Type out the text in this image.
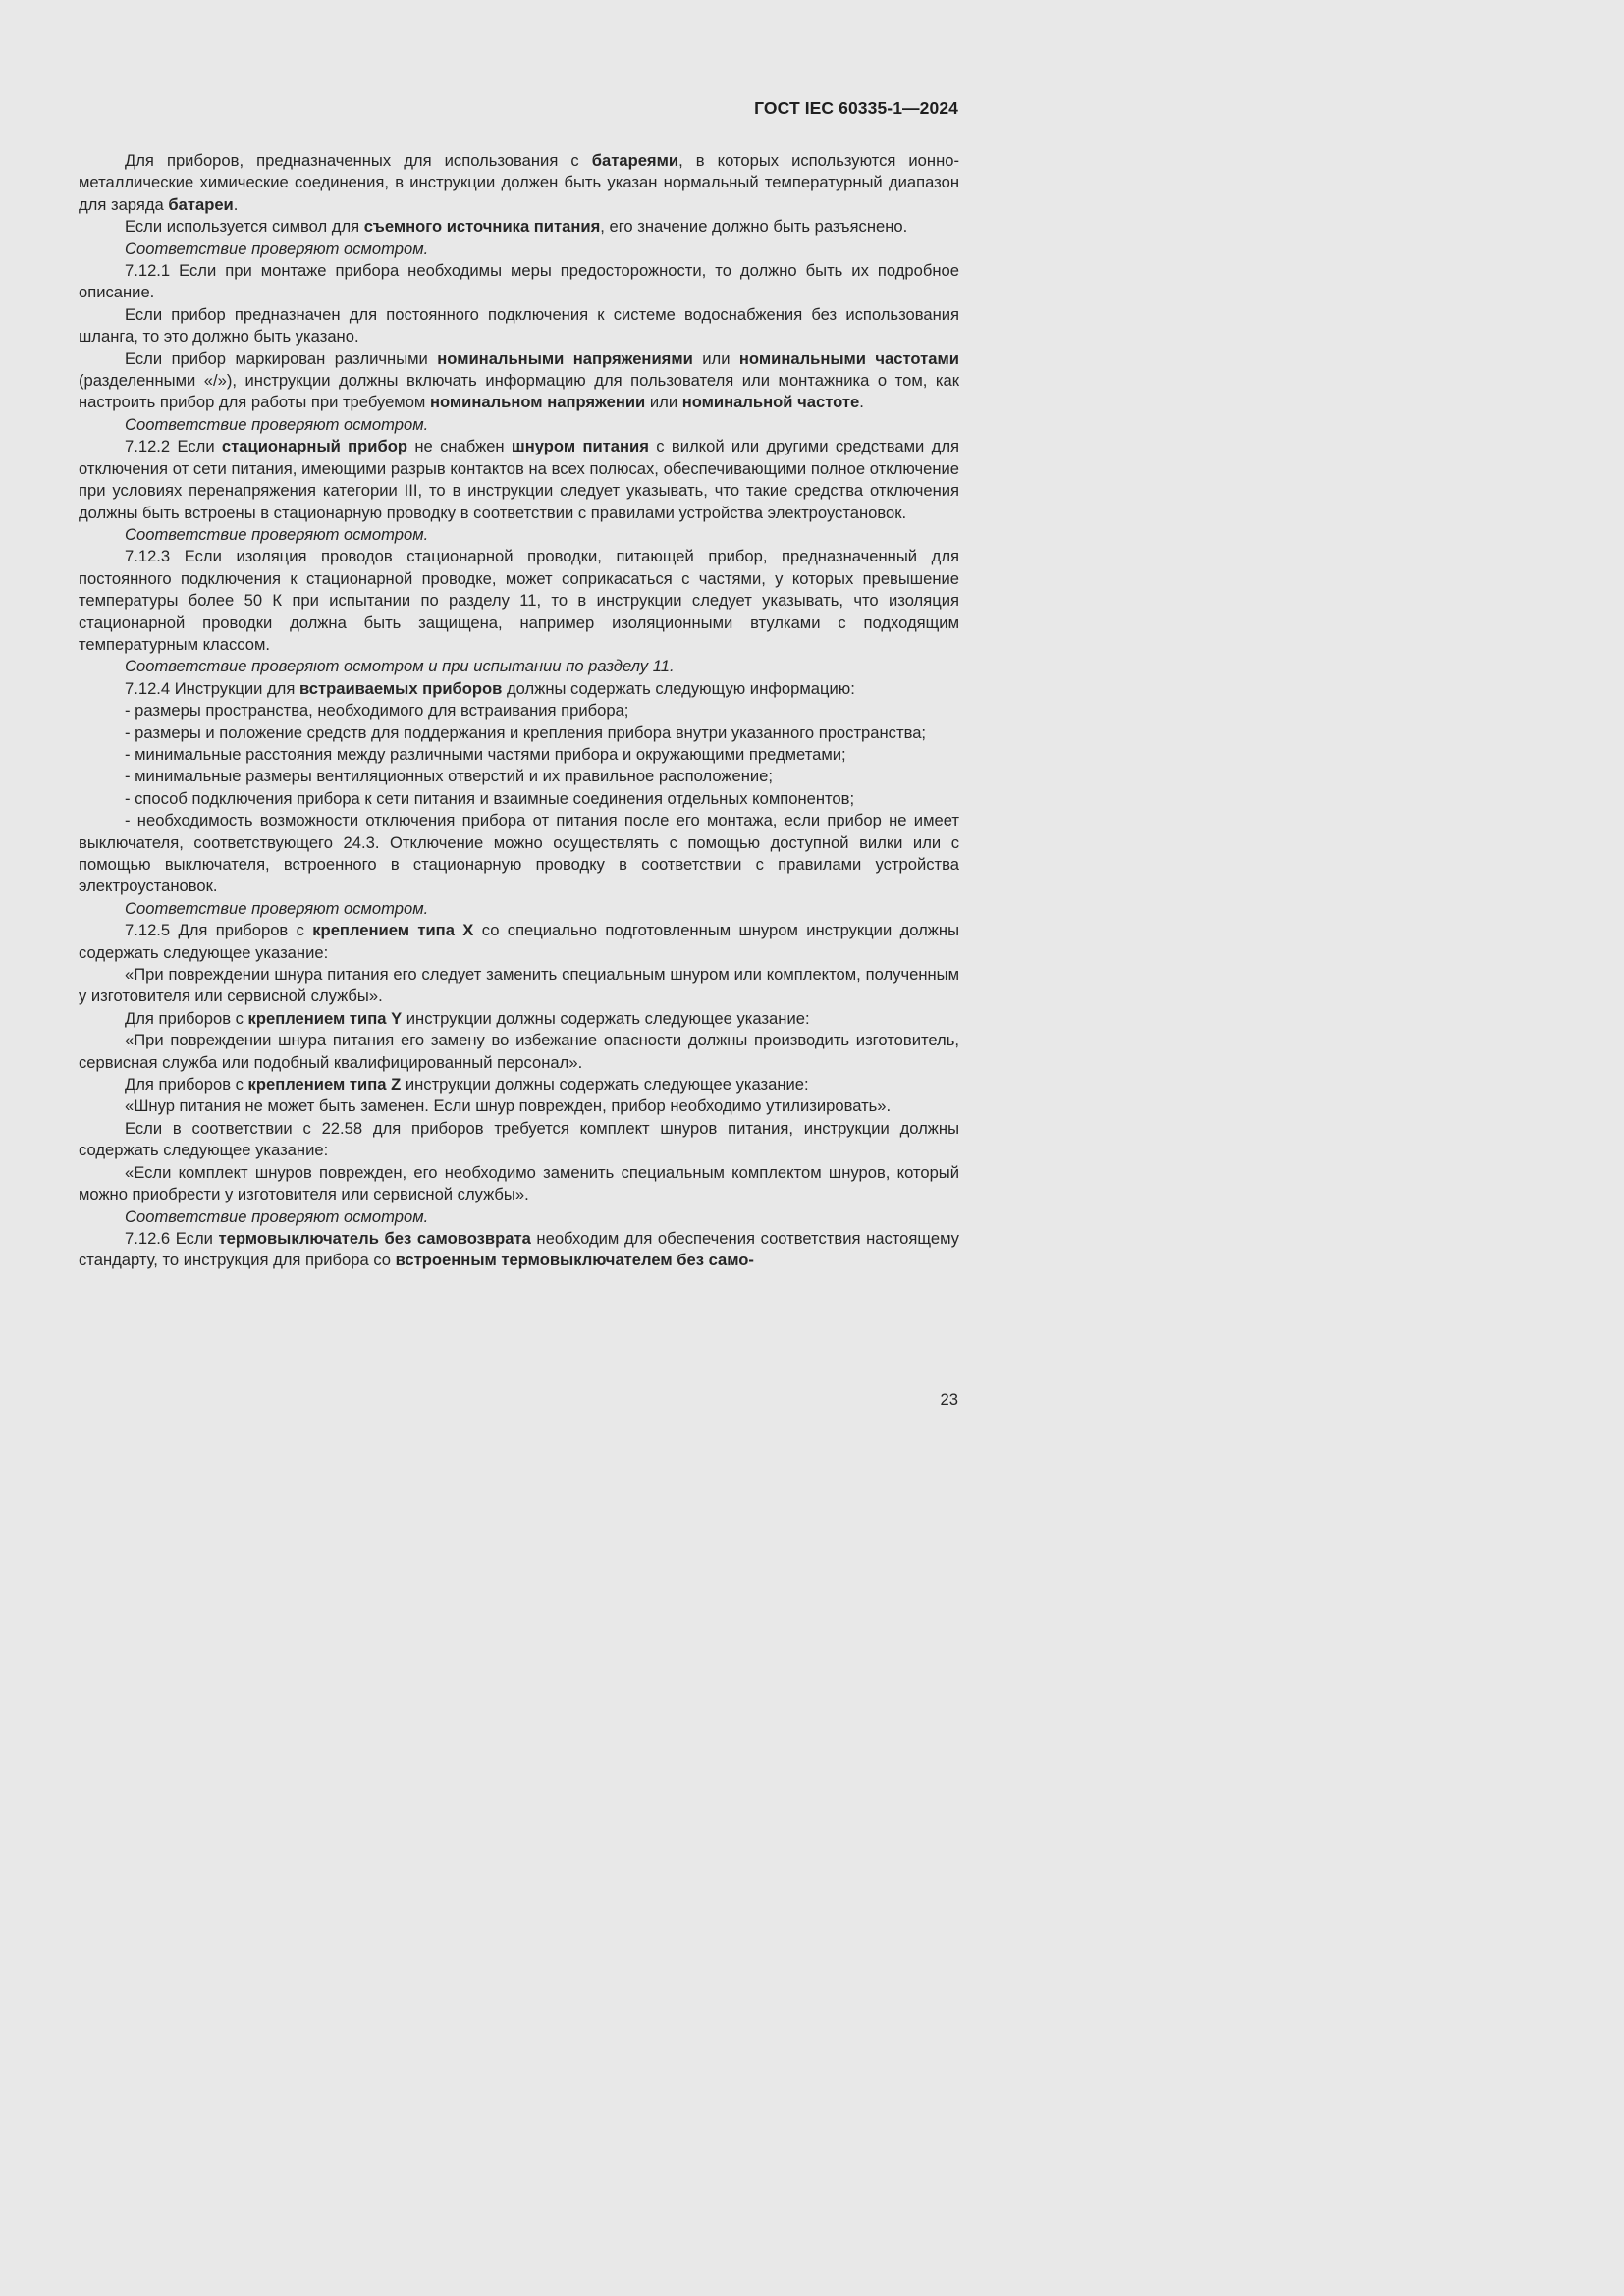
ГОСТ IEC 60335-1—2024

Для приборов, предназначенных для использования с батареями, в которых используются ионно-металлические химические соединения, в инструкции должен быть указан нормальный температурный диапазон для заряда батареи.

Если используется символ для съемного источника питания, его значение должно быть разъяснено.

Соответствие проверяют осмотром.

7.12.1 Если при монтаже прибора необходимы меры предосторожности, то должно быть их подробное описание.

Если прибор предназначен для постоянного подключения к системе водоснабжения без использования шланга, то это должно быть указано.

Если прибор маркирован различными номинальными напряжениями или номинальными частотами (разделенными «/»), инструкции должны включать информацию для пользователя или монтажника о том, как настроить прибор для работы при требуемом номинальном напряжении или номинальной частоте.

Соответствие проверяют осмотром.

7.12.2 Если стационарный прибор не снабжен шнуром питания с вилкой или другими средствами для отключения от сети питания, имеющими разрыв контактов на всех полюсах, обеспечивающими полное отключение при условиях перенапряжения категории III, то в инструкции следует указывать, что такие средства отключения должны быть встроены в стационарную проводку в соответствии с правилами устройства электроустановок.

Соответствие проверяют осмотром.

7.12.3 Если изоляция проводов стационарной проводки, питающей прибор, предназначенный для постоянного подключения к стационарной проводке, может соприкасаться с частями, у которых превышение температуры более 50 К при испытании по разделу 11, то в инструкции следует указывать, что изоляция стационарной проводки должна быть защищена, например изоляционными втулками с подходящим температурным классом.

Соответствие проверяют осмотром и при испытании по разделу 11.

7.12.4 Инструкции для встраиваемых приборов должны содержать следующую информацию:

- размеры пространства, необходимого для встраивания прибора;

- размеры и положение средств для поддержания и крепления прибора внутри указанного пространства;

- минимальные расстояния между различными частями прибора и окружающими предметами;

- минимальные размеры вентиляционных отверстий и их правильное расположение;

- способ подключения прибора к сети питания и взаимные соединения отдельных компонентов;

- необходимость возможности отключения прибора от питания после его монтажа, если прибор не имеет выключателя, соответствующего 24.3. Отключение можно осуществлять с помощью доступной вилки или с помощью выключателя, встроенного в стационарную проводку в соответствии с правилами устройства электроустановок.

Соответствие проверяют осмотром.

7.12.5 Для приборов с креплением типа X со специально подготовленным шнуром инструкции должны содержать следующее указание:

«При повреждении шнура питания его следует заменить специальным шнуром или комплектом, полученным у изготовителя или сервисной службы».

Для приборов с креплением типа Y инструкции должны содержать следующее указание:

«При повреждении шнура питания его замену во избежание опасности должны производить изготовитель, сервисная служба или подобный квалифицированный персонал».

Для приборов с креплением типа Z инструкции должны содержать следующее указание:

«Шнур питания не может быть заменен. Если шнур поврежден, прибор необходимо утилизировать».

Если в соответствии с 22.58 для приборов требуется комплект шнуров питания, инструкции должны содержать следующее указание:

«Если комплект шнуров поврежден, его необходимо заменить специальным комплектом шнуров, который можно приобрести у изготовителя или сервисной службы».

Соответствие проверяют осмотром.

7.12.6 Если термовыключатель без самовозврата необходим для обеспечения соответствия настоящему стандарту, то инструкция для прибора со встроенным термовыключателем без само-

23
